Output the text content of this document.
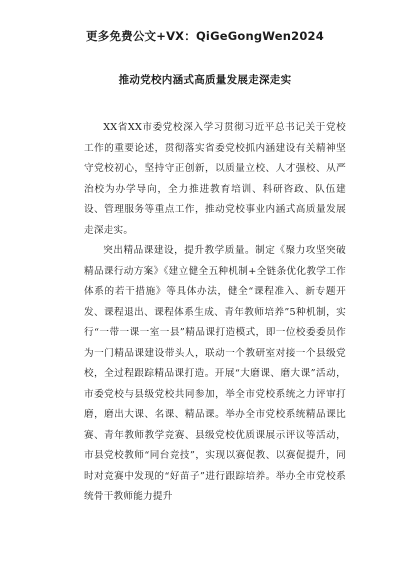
更多免费公文+VX：QiGeGongWen2024
推动党校内涵式高质量发展走深走实

XX省XX市委党校深入学习贯彻习近平总书记关于党校工作的重要论述，贯彻落实省委党校抓内涵建设有关精神坚守党校初心，坚持守正创新，以质量立校、人才强校、从严治校为办学导向，全力推进教育培训、科研咨政、队伍建设、管理服务等重点工作，推动党校事业内涵式高质量发展走深走实。

突出精品课建设，提升教学质量。制定《聚力攻坚突破精品课行动方案》《建立健全五种机制+全链条优化教学工作体系的若干措施》等具体办法，健全“课程准入、新专题开发、课程退出、课程体系生成、青年教师培养”5种机制，实行“一带一课一室一县”精品课打造模式，即一位校委委员作为一门精品课建设带头人，联动一个教研室对接一个县级党校，全过程跟踪精品课打造。开展“大磨课、磨大课”活动，市委党校与县级党校共同参加，举全市党校系统之力评审打磨，磨出大课、名课、精品课。举办全市党校系统精品课比赛、青年教师教学竞赛、县级党校优质课展示评议等活动，市县党校教师“同台竞技”，实现以赛促教、以赛促提升，同时对竞赛中发现的“好苗子”进行跟踪培养。举办全市党校系统骨干教师能力提升
